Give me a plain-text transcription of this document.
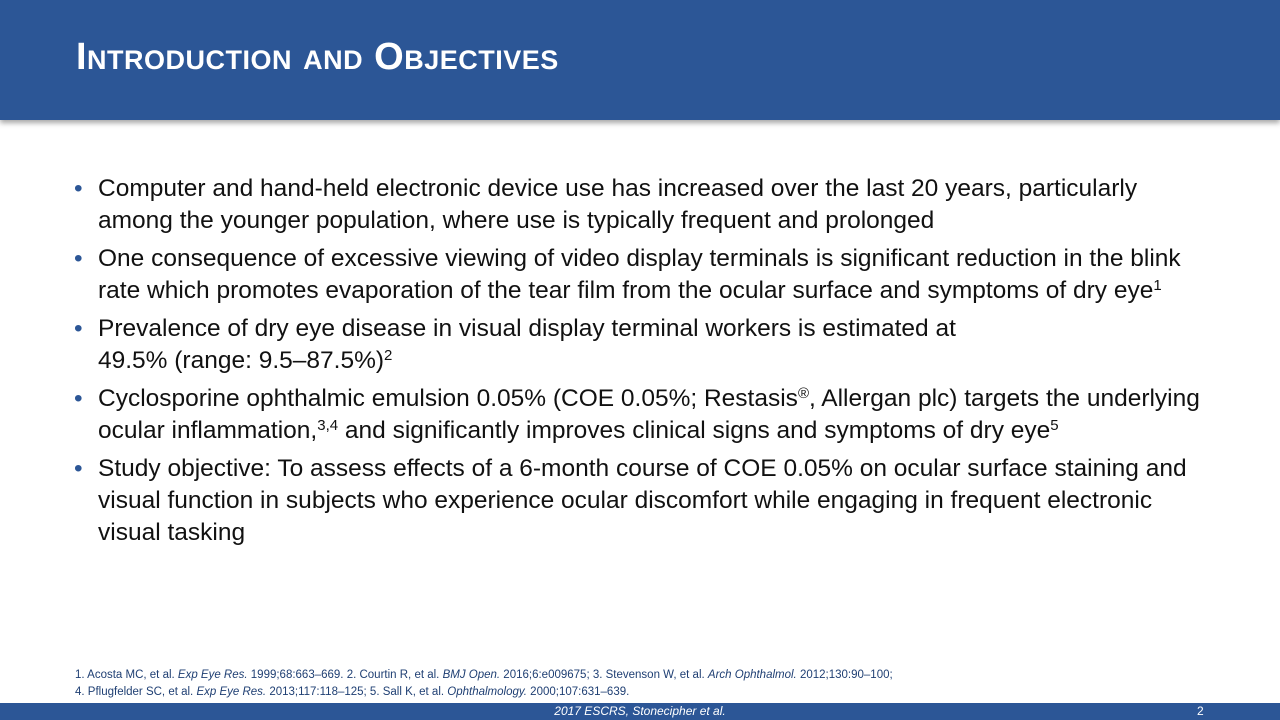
Introduction and Objectives
• Computer and hand-held electronic device use has increased over the last 20 years, particularly among the younger population, where use is typically frequent and prolonged
• One consequence of excessive viewing of video display terminals is significant reduction in the blink rate which promotes evaporation of the tear film from the ocular surface and symptoms of dry eye$^1$
• Prevalence of dry eye disease in visual display terminal workers is estimated at
49.5% (range: 9.5–87.5%)$^2$
• Cyclosporine ophthalmic emulsion 0.05% (COE 0.05%; Restasis®, Allergan plc) targets the underlying ocular inflammation,$^{3,4}$ and significantly improves clinical signs and symptoms of dry eye$^5$
• Study objective: To assess effects of a 6-month course of COE 0.05% on ocular surface staining and visual function in subjects who experience ocular discomfort while engaging in frequent electronic visual tasking
1. Acosta MC, et al. Exp Eye Res. 1999;68:663–669. 2. Courtin R, et al. BMJ Open. 2016;6:e009675; 3. Stevenson W, et al. Arch Ophthalmol. 2012;130:90–100;
4. Pflugfelder SC, et al. Exp Eye Res. 2013;117:118–125; 5. Sall K, et al. Ophthalmology. 2000;107:631–639.
2017 ESCRS, Stonecipher et al.	2
